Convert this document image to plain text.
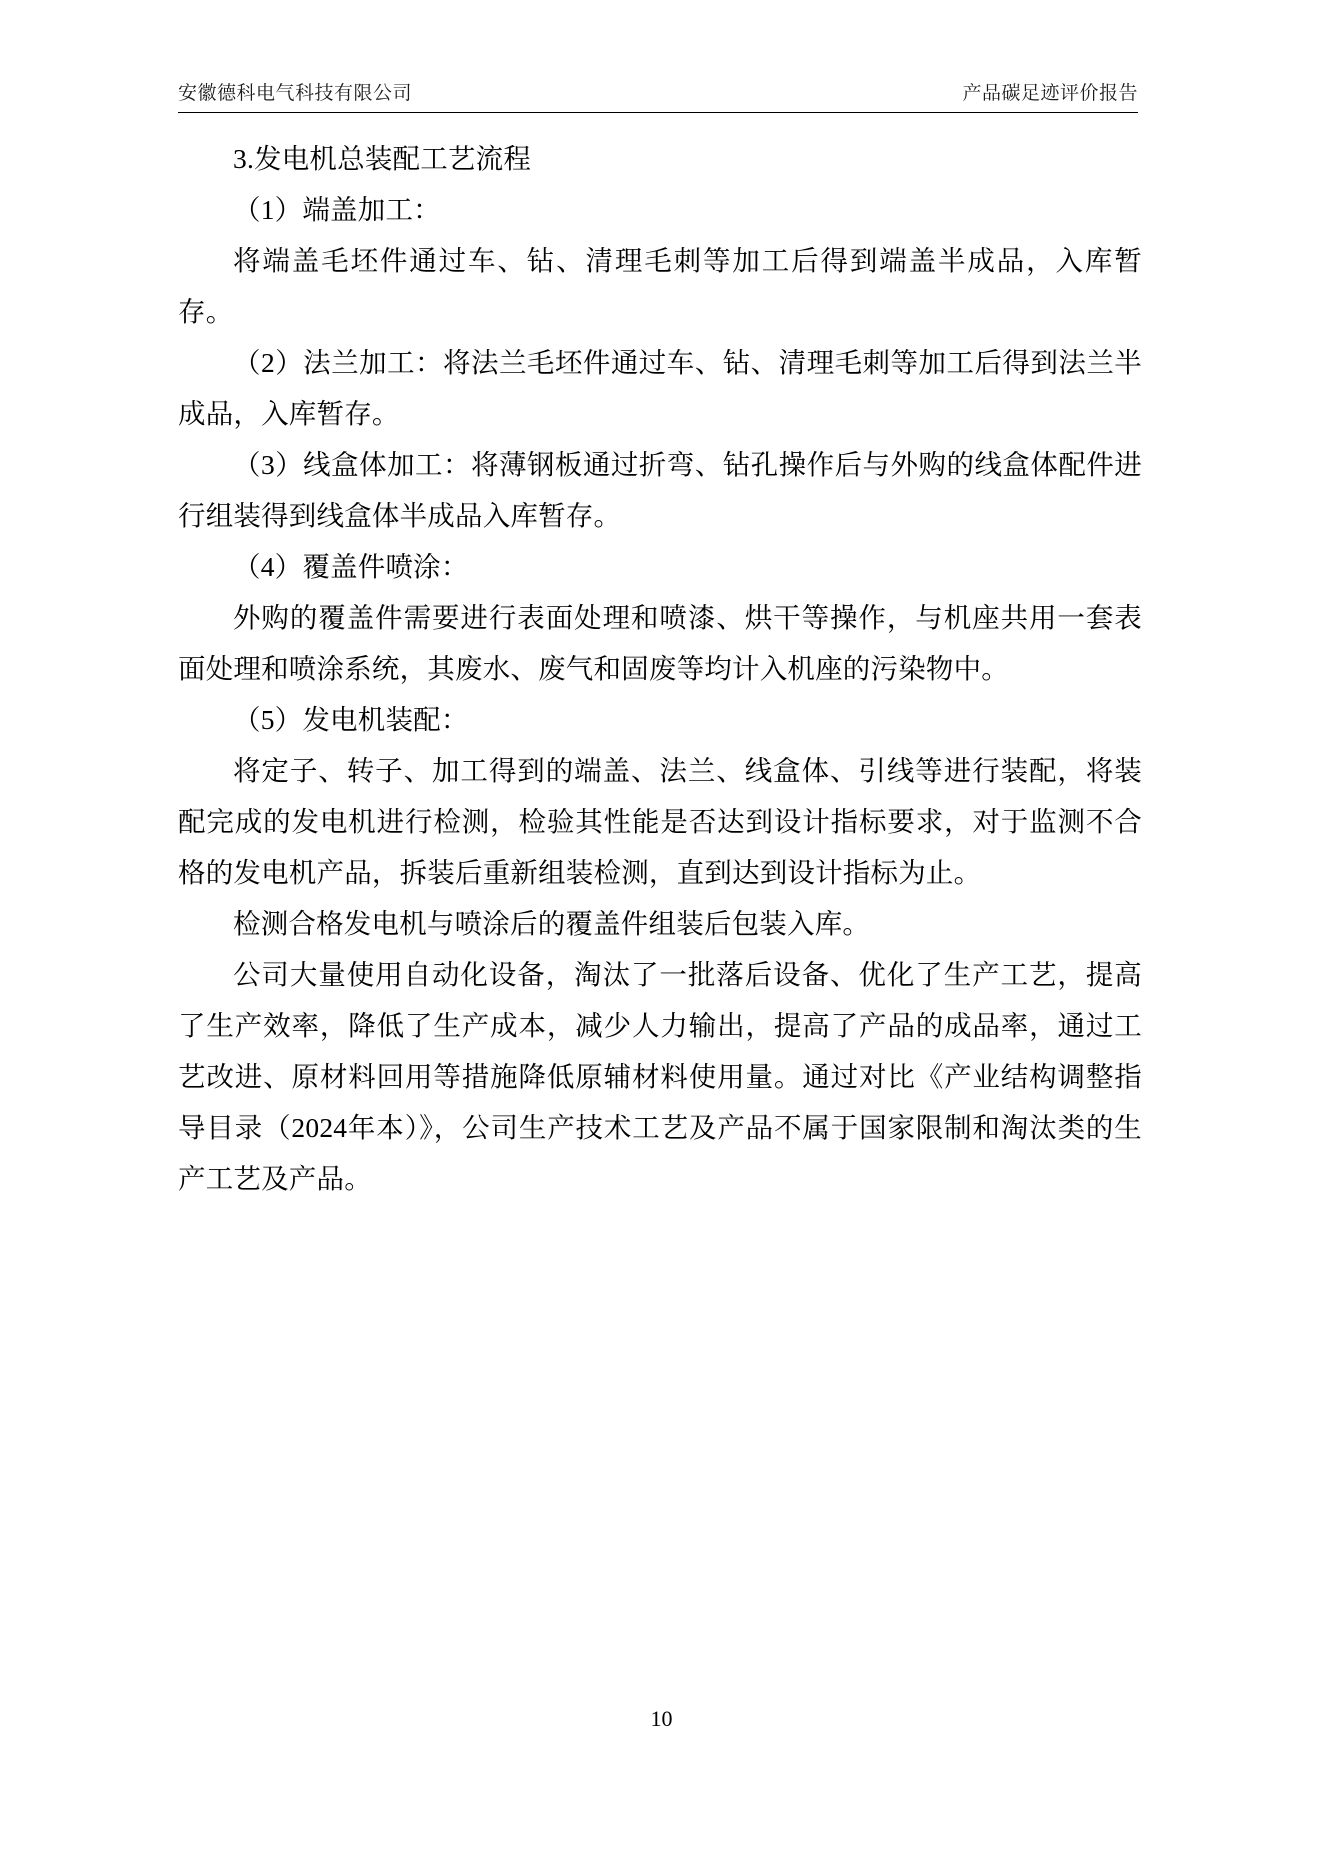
安徽德科电气科技有限公司	产品碳足迹评价报告

3.发电机总装配工艺流程

（1）端盖加工：

将端盖毛坯件通过车、钻、清理毛刺等加工后得到端盖半成品，入库暂存。

（2）法兰加工：将法兰毛坯件通过车、钻、清理毛刺等加工后得到法兰半成品，入库暂存。

（3）线盒体加工：将薄钢板通过折弯、钻孔操作后与外购的线盒体配件进行组装得到线盒体半成品入库暂存。

（4）覆盖件喷涂：

外购的覆盖件需要进行表面处理和喷漆、烘干等操作，与机座共用一套表面处理和喷涂系统，其废水、废气和固废等均计入机座的污染物中。

（5）发电机装配：

将定子、转子、加工得到的端盖、法兰、线盒体、引线等进行装配，将装配完成的发电机进行检测，检验其性能是否达到设计指标要求，对于监测不合格的发电机产品，拆装后重新组装检测，直到达到设计指标为止。

检测合格发电机与喷涂后的覆盖件组装后包装入库。

公司大量使用自动化设备，淘汰了一批落后设备、优化了生产工艺，提高了生产效率，降低了生产成本，减少人力输出，提高了产品的成品率，通过工艺改进、原材料回用等措施降低原辅材料使用量。通过对比《产业结构调整指导目录（2024年本）》，公司生产技术工艺及产品不属于国家限制和淘汰类的生产工艺及产品。

10
